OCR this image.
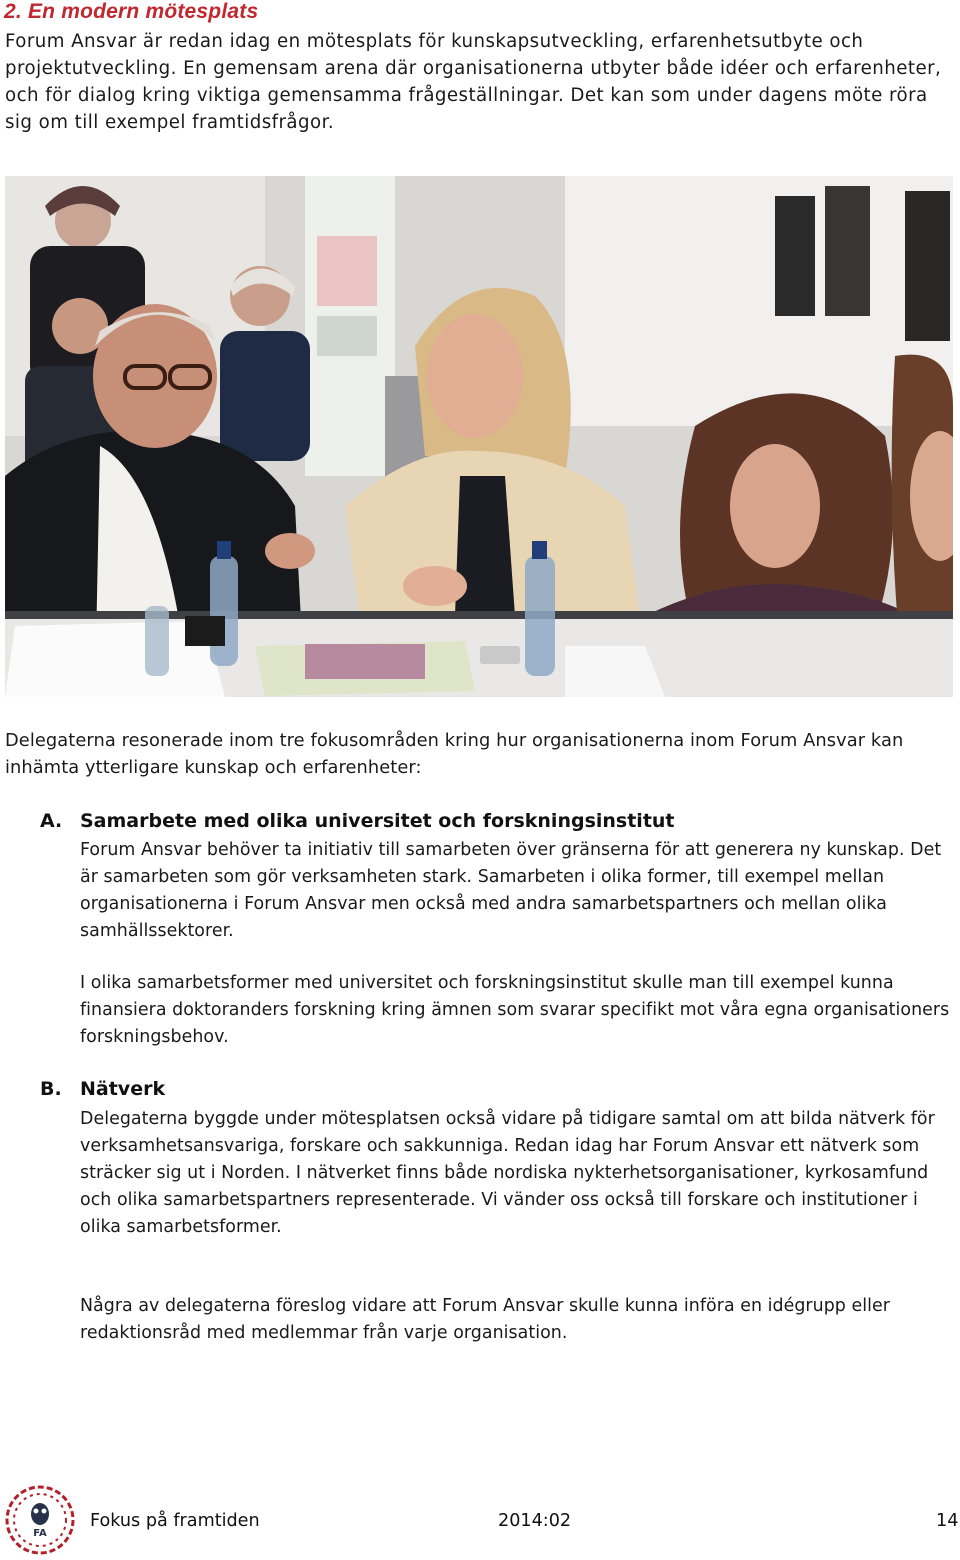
2. En modern mötesplats
Forum Ansvar är redan idag en mötesplats för kunskapsutveckling, erfarenhetsutbyte och projektutveckling. En gemensam arena där organisationerna utbyter både idéer och erfarenheter, och för dialog kring viktiga gemensamma frågeställningar. Det kan som under dagens möte röra sig om till exempel framtidsfrågor.
Delegaterna resonerade inom tre fokusområden kring hur organisationerna inom Forum Ansvar kan inhämta ytterligare kunskap och erfarenheter:
A. Samarbete med olika universitet och forskningsinstitut
Forum Ansvar behöver ta initiativ till samarbeten över gränserna för att generera ny kunskap. Det är samarbeten som gör verksamheten stark. Samarbeten i olika former, till exempel mellan organisationerna i Forum Ansvar men också med andra samarbetspartners och mellan olika samhällssektorer.
I olika samarbetsformer med universitet och forskningsinstitut skulle man till exempel kunna finansiera doktoranders forskning kring ämnen som svarar specifikt mot våra egna organisationers forskningsbehov.
B. Nätverk
Delegaterna byggde under mötesplatsen också vidare på tidigare samtal om att bilda nätverk för verksamhetsansvariga, forskare och sakkunniga. Redan idag har Forum Ansvar ett nätverk som sträcker sig ut i Norden. I nätverket finns både nordiska nykterhetsorganisationer, kyrkosamfund och olika samarbetspartners representerade. Vi vänder oss också till forskare och institutioner i olika samarbetsformer.
Några av delegaterna föreslog vidare att Forum Ansvar skulle kunna införa en idégrupp eller redaktionsråd med medlemmar från varje organisation.
FA
Fokus på framtiden	2014:02	14
